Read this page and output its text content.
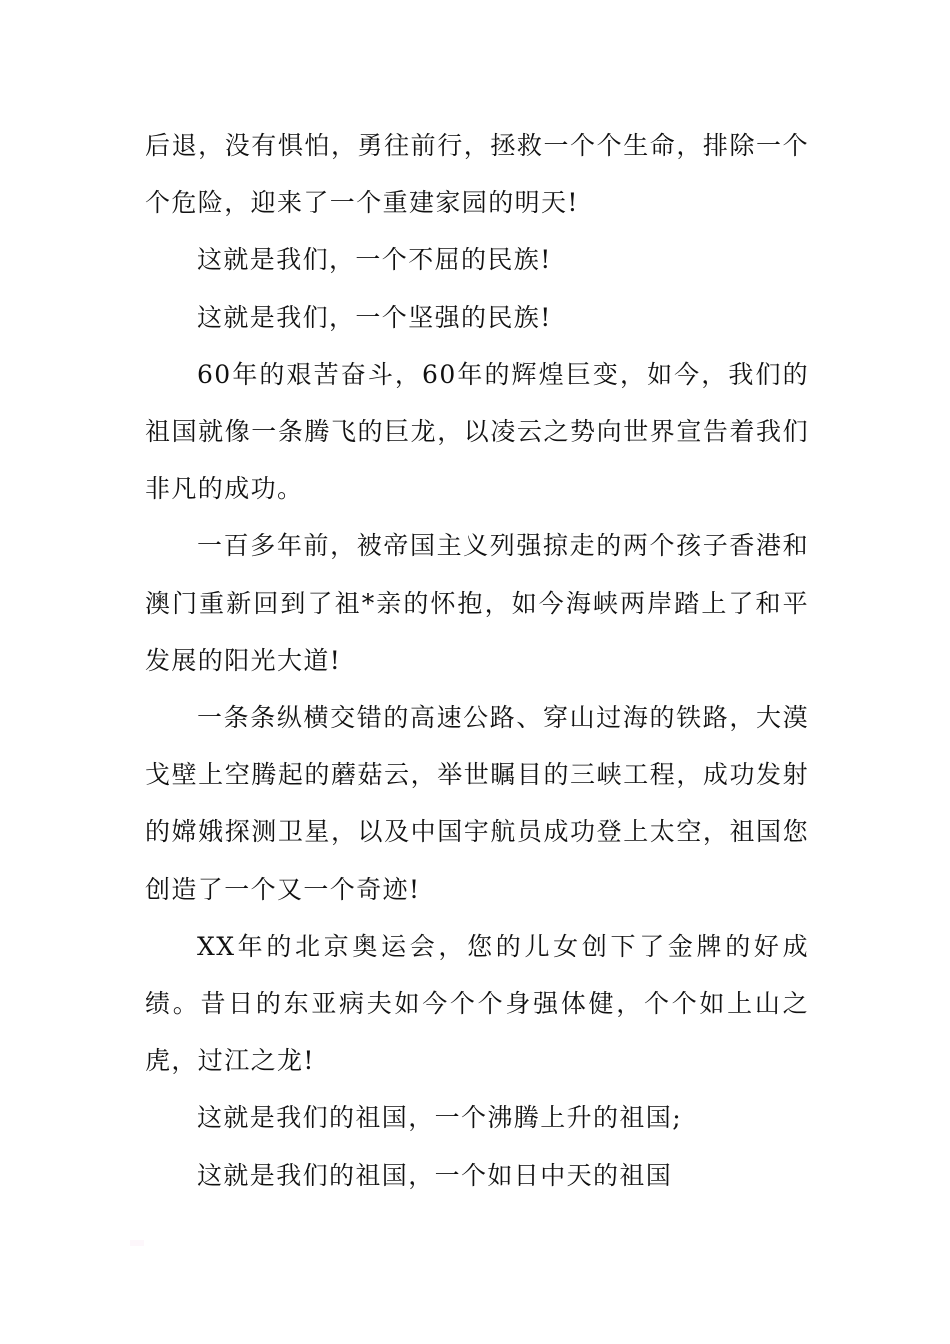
后退，没有惧怕，勇往前行，拯救一个个生命，排除一个个危险，迎来了一个重建家园的明天!

这就是我们，一个不屈的民族!

这就是我们，一个坚强的民族!

60年的艰苦奋斗，60年的辉煌巨变，如今，我们的祖国就像一条腾飞的巨龙，以凌云之势向世界宣告着我们非凡的成功。

一百多年前，被帝国主义列强掠走的两个孩子香港和澳门重新回到了祖*亲的怀抱，如今海峡两岸踏上了和平发展的阳光大道!

一条条纵横交错的高速公路、穿山过海的铁路，大漠戈壁上空腾起的蘑菇云，举世瞩目的三峡工程，成功发射的嫦娥探测卫星，以及中国宇航员成功登上太空，祖国您创造了一个又一个奇迹!

XX年的北京奥运会，您的儿女创下了金牌的好成绩。昔日的东亚病夫如今个个身强体健，个个如上山之虎，过江之龙!

这就是我们的祖国，一个沸腾上升的祖国;

这就是我们的祖国，一个如日中天的祖国
